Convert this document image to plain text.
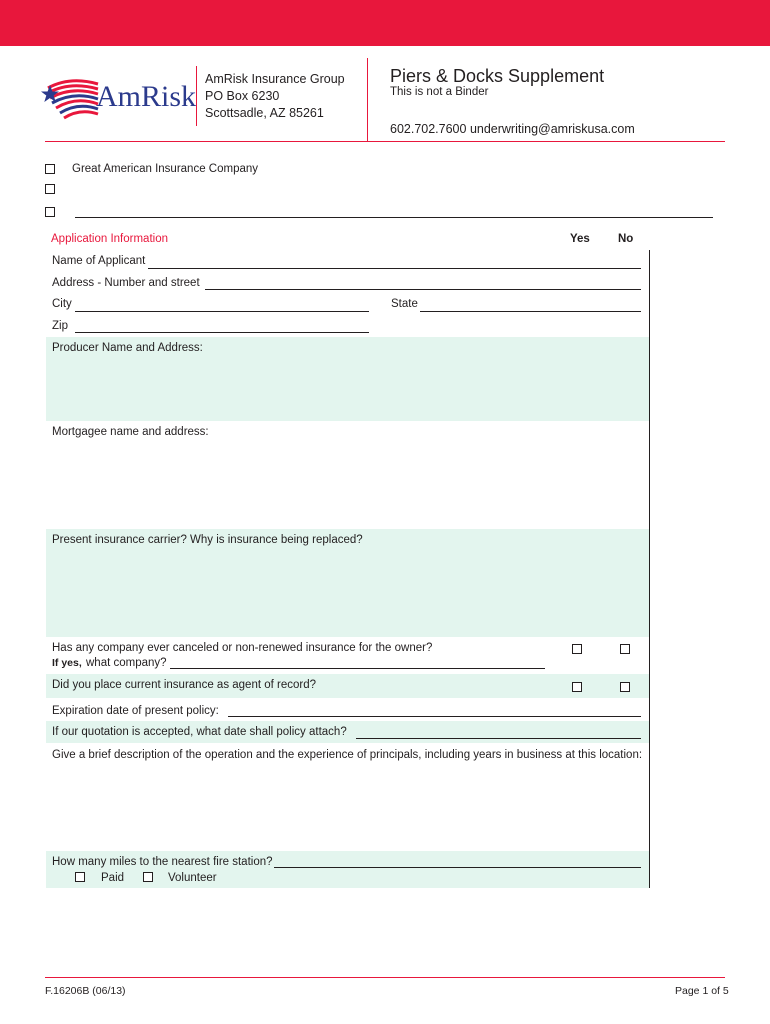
AmRisk
AmRisk Insurance Group
PO Box 6230
Scottsadle, AZ 85261
Piers & Docks Supplement
This is not a Binder
602.702.7600 underwriting@amriskusa.com
Great American Insurance Company
Application Information	Yes No
Name of Applicant
Address - Number and street
City	State
Zip
Producer Name and Address:
Mortgagee name and address:
Present insurance carrier? Why is insurance being replaced?
Has any company ever canceled or non-renewed insurance for the owner?
If yes, what company?
Did you place current insurance as agent of record?
Expiration date of present policy:
If our quotation is accepted, what date shall policy attach?
Give a brief description of the operation and the experience of principals, including years in business at this location:
How many miles to the nearest fire station?
Paid	Volunteer
F.16206B (06/13)	Page 1 of 5
